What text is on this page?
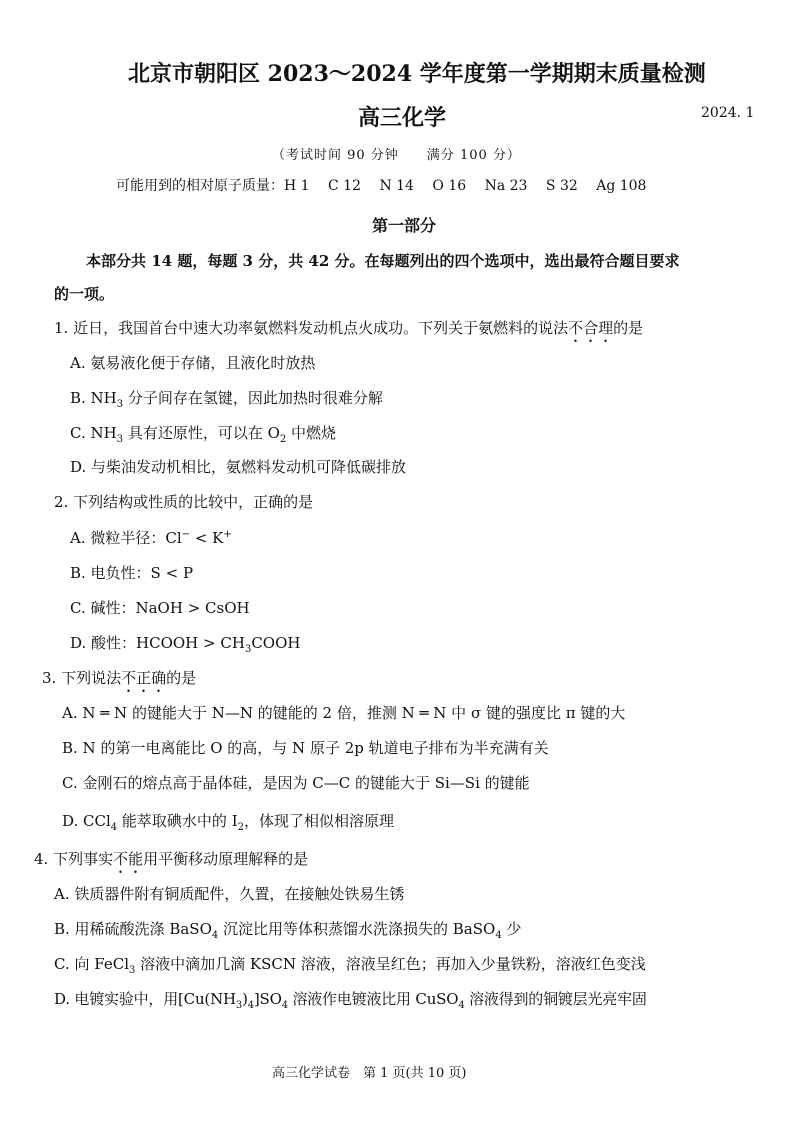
北京市朝阳区 2023～2024 学年度第一学期期末质量检测
高三化学	2024. 1
（考试时间 90 分钟　　满分 100 分）
可能用到的相对原子质量：H 1　 C 12　 N 14　 O 16　 Na 23　 S 32　 Ag 108
第一部分
本部分共 14 题，每题 3 分，共 42 分。在每题列出的四个选项中，选出最符合题目要求
的一项。
1. 近日，我国首台中速大功率氨燃料发动机点火成功。下列关于氨燃料的说法不合理的是
A. 氨易液化便于存储，且液化时放热
B. $NH_3$ 分子间存在氢键，因此加热时很难分解
C. $NH_3$ 具有还原性，可以在 $O_2$ 中燃烧
D. 与柴油发动机相比，氨燃料发动机可降低碳排放
2. 下列结构或性质的比较中，正确的是
A. 微粒半径：Cl− < K+
B. 电负性：S < P
C. 碱性：NaOH > CsOH
D. 酸性：HCOOH > $CH_3COOH$
3. 下列说法不正确的是
A. N ═ N 的键能大于 N—N 的键能的 2 倍，推测 N ═ N 中 σ 键的强度比 π 键的大
B. N 的第一电离能比 O 的高，与 N 原子 2p 轨道电子排布为半充满有关
C. 金刚石的熔点高于晶体硅，是因为 C—C 的键能大于 Si—Si 的键能
D. CCl$_4$ 能萃取碘水中的 $I_2$，体现了相似相溶原理
4. 下列事实不能用平衡移动原理解释的是
A. 铁质器件附有铜质配件，久置，在接触处铁易生锈
B. 用稀硫酸洗涤 BaSO$_4$ 沉淀比用等体积蒸馏水洗涤损失的 BaSO$_4$ 少
C. 向 FeCl$_3$ 溶液中滴加几滴 KSCN 溶液，溶液呈红色；再加入少量铁粉，溶液红色变浅
D. 电镀实验中，用$[Cu(NH_3)_4]SO_4$ 溶液作电镀液比用 CuSO$_4$ 溶液得到的铜镀层光亮牢固
高三化学试卷　第 1 页(共 10 页)
